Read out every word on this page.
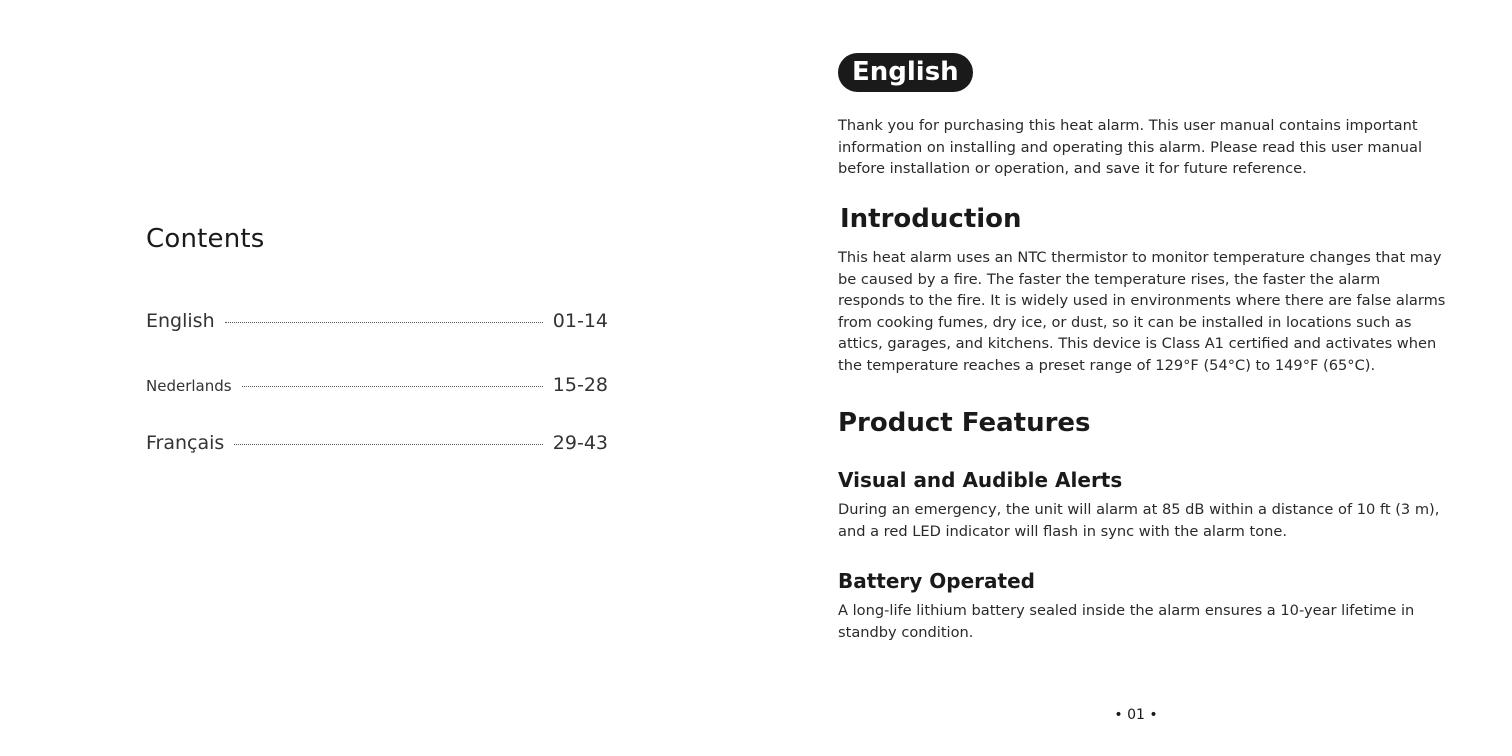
Contents
English	01-14
Nederlands	15-28
Français	29-43
English

Thank you for purchasing this heat alarm. This user manual contains important information on installing and operating this alarm. Please read this user manual before installation or operation, and save it for future reference.

Introduction

This heat alarm uses an NTC thermistor to monitor temperature changes that may be caused by a fire. The faster the temperature rises, the faster the alarm responds to the fire. It is widely used in environments where there are false alarms from cooking fumes, dry ice, or dust, so it can be installed in locations such as attics, garages, and kitchens. This device is Class A1 certified and activates when the temperature reaches a preset range of 129°F (54°C) to 149°F (65°C).

Product Features
Visual and Audible Alerts

During an emergency, the unit will alarm at 85 dB within a distance of 10 ft (3 m), and a red LED indicator will flash in sync with the alarm tone.

Battery Operated

A long-life lithium battery sealed inside the alarm ensures a 10-year lifetime in standby condition.

• 01 •
